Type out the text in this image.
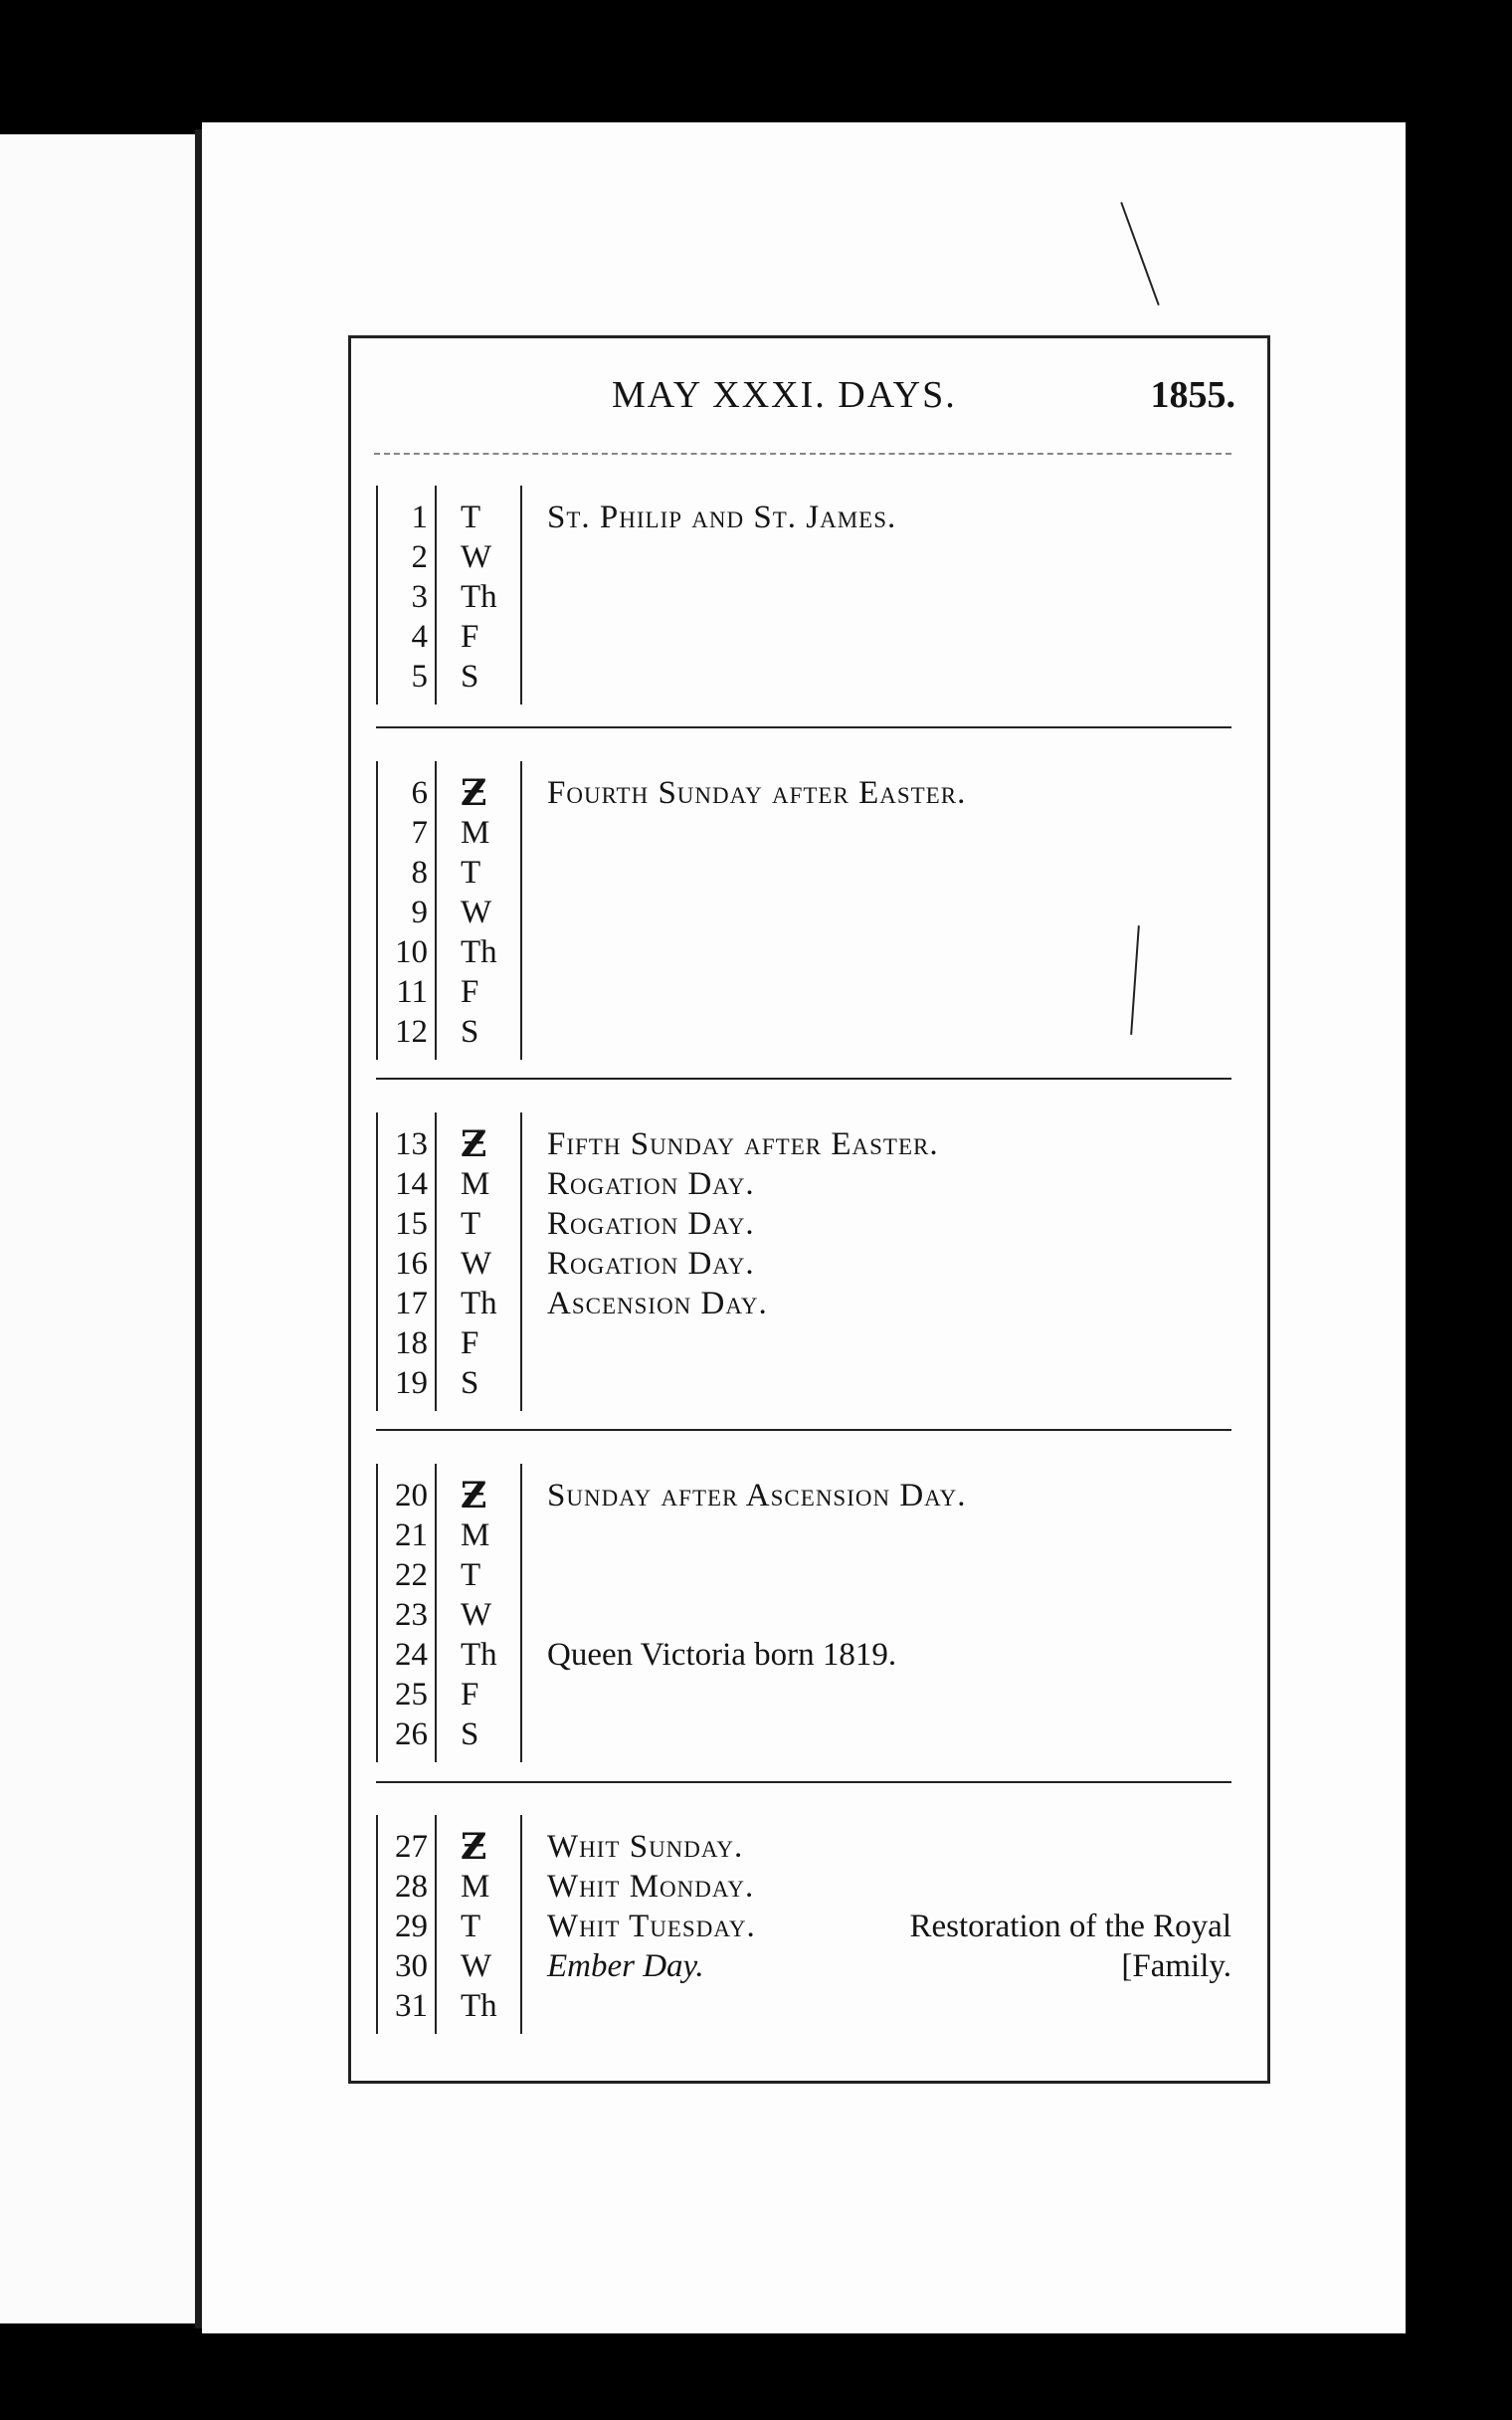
MAY XXXI. DAYS.	1855.
1 T St. Philip and St. James.
2 W
3 Th
4 F
5 S
6 Ƶ Fourth Sunday after Easter.
7 M
8 T
9 W
10 Th
11 F
12 S
13 Ƶ Fifth Sunday after Easter.
14 M Rogation Day.
15 T Rogation Day.
16 W Rogation Day.
17 Th Ascension Day.
18 F
19 S
20 Ƶ Sunday after Ascension Day.
21 M
22 T
23 W
24 Th Queen Victoria born 1819.
25 F
26 S
27 Ƶ Whit Sunday.
28 M Whit Monday.
29 T Whit Tuesday.	Restoration of the Royal
30 W Ember Day.	[Family.
31 Th
